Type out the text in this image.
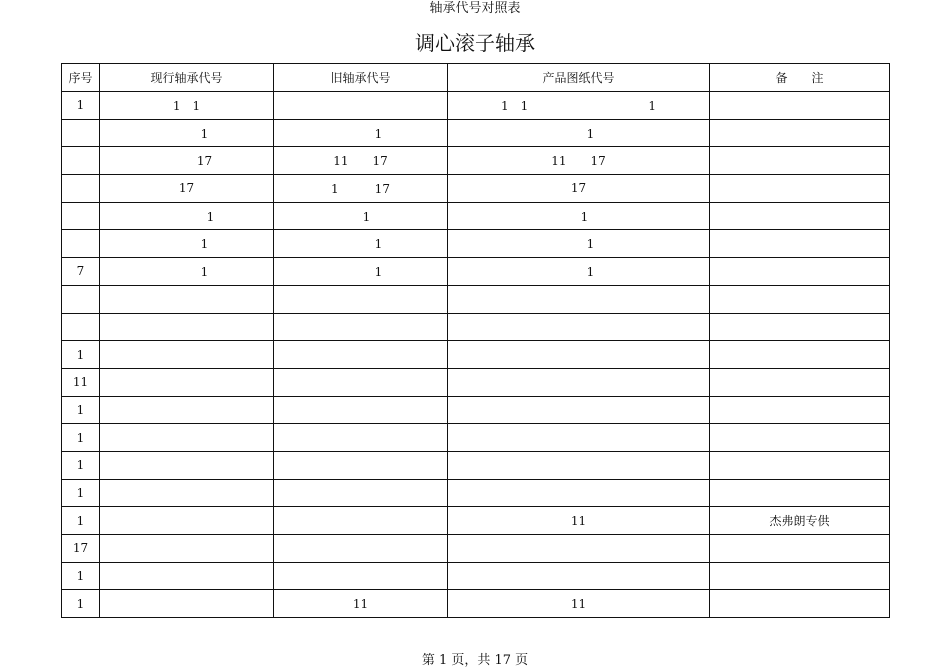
轴承代号对照表
调心滚子轴承
序号	现行轴承代号	旧轴承代号	产品图纸代号	备　　注
1	1　1		1　1　　　　　　　　　　1	
	　　　1	　　　1	　　1	
	　　　17	11　　17	11　　17	
	17	1　　　17	17	
	　　　　1	　1	　1	
	　　　1	　　　1	　　1	
7	　　　1	　　　1	　　1	

1				
11				
1				
1				
1				
1				
1			11	杰弗朗专供
17				
1				
1		11	11	
第 1 页，共 17 页
